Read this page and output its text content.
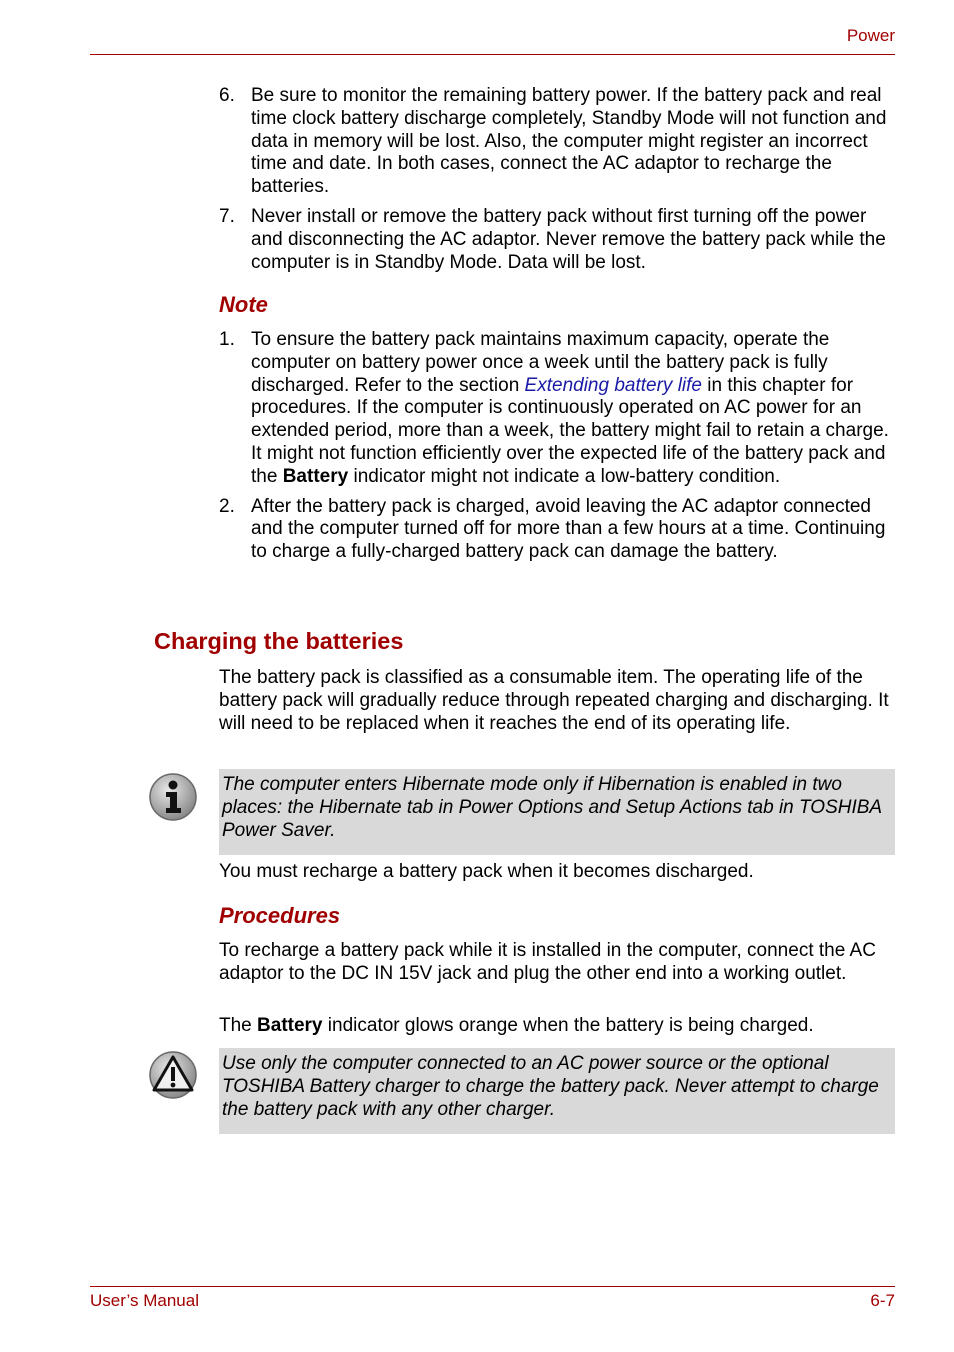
Power
6. Be sure to monitor the remaining battery power. If the battery pack and real time clock battery discharge completely, Standby Mode will not function and data in memory will be lost. Also, the computer might register an incorrect time and date. In both cases, connect the AC adaptor to recharge the batteries.
7. Never install or remove the battery pack without first turning off the power and disconnecting the AC adaptor. Never remove the battery pack while the computer is in Standby Mode. Data will be lost.
Note
1. To ensure the battery pack maintains maximum capacity, operate the computer on battery power once a week until the battery pack is fully discharged. Refer to the section Extending battery life in this chapter for procedures. If the computer is continuously operated on AC power for an extended period, more than a week, the battery might fail to retain a charge. It might not function efficiently over the expected life of the battery pack and the Battery indicator might not indicate a low-battery condition.
2. After the battery pack is charged, avoid leaving the AC adaptor connected and the computer turned off for more than a few hours at a time. Continuing to charge a fully-charged battery pack can damage the battery.
Charging the batteries

The battery pack is classified as a consumable item. The operating life of the battery pack will gradually reduce through repeated charging and discharging. It will need to be replaced when it reaches the end of its operating life.

The computer enters Hibernate mode only if Hibernation is enabled in two places: the Hibernate tab in Power Options and Setup Actions tab in TOSHIBA Power Saver.

You must recharge a battery pack when it becomes discharged.

Procedures

To recharge a battery pack while it is installed in the computer, connect the AC adaptor to the DC IN 15V jack and plug the other end into a working outlet.

The Battery indicator glows orange when the battery is being charged.

Use only the computer connected to an AC power source or the optional TOSHIBA Battery charger to charge the battery pack. Never attempt to charge the battery pack with any other charger.
User’s Manual	6-7
